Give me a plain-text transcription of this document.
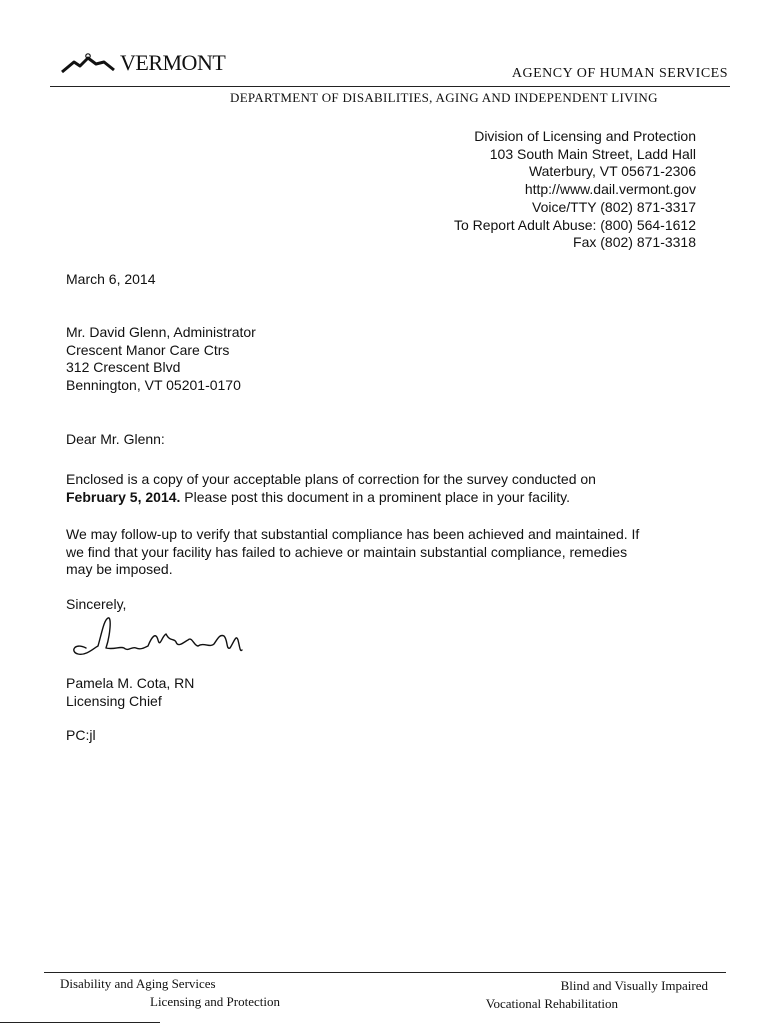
VERMONT	AGENCY OF HUMAN SERVICES
DEPARTMENT OF DISABILITIES, AGING AND INDEPENDENT LIVING
Division of Licensing and Protection
103 South Main Street, Ladd Hall
Waterbury, VT 05671-2306
http://www.dail.vermont.gov
Voice/TTY (802) 871-3317
To Report Adult Abuse: (800) 564-1612
Fax (802) 871-3318
March 6, 2014
Mr. David Glenn, Administrator
Crescent Manor Care Ctrs
312 Crescent Blvd
Bennington, VT 05201-0170
Dear Mr. Glenn:
Enclosed is a copy of your acceptable plans of correction for the survey conducted on
February 5, 2014. Please post this document in a prominent place in your facility.
We may follow-up to verify that substantial compliance has been achieved and maintained. If
we find that your facility has failed to achieve or maintain substantial compliance, remedies
may be imposed.
Sincerely,
Pamela M. Cota, RN
Licensing Chief
PC:jl
Disability and Aging Services
Licensing and Protection
Blind and Visually Impaired
Vocational Rehabilitation
